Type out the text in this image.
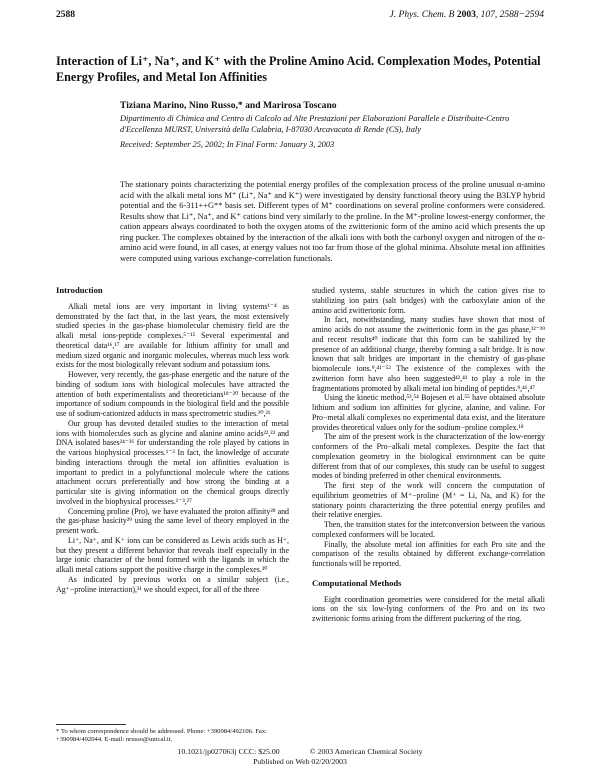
2588	J. Phys. Chem. B 2003, 107, 2588−2594
Interaction of Li⁺, Na⁺, and K⁺ with the Proline Amino Acid. Complexation Modes, Potential Energy Profiles, and Metal Ion Affinities

Tiziana Marino, Nino Russo,* and Marirosa Toscano

Dipartimento di Chimica and Centro di Calcolo ad Alte Prestazioni per Elaborazioni Parallele e Distribuite-Centro d'Eccellenza MURST, Università della Calabria, I-87030 Arcavacata di Rende (CS), Italy

Received: September 25, 2002; In Final Form: January 3, 2003

The stationary points characterizing the potential energy profiles of the complexation process of the proline unusual α-amino acid with the alkali metal ions M⁺ (Li⁺, Na⁺ and K⁺) were investigated by density functional theory using the B3LYP hybrid potential and the 6-311++G** basis set. Different types of M⁺ coordinations on several proline conformers were considered. Results show that Li⁺, Na⁺, and K⁺ cations bind very similarly to the proline. In the M⁺-proline lowest-energy conformer, the cation appears always coordinated to both the oxygen atoms of the zwitterionic form of the amino acid which presents the up ring pucker. The complexes obtained by the interaction of the alkali ions with both the carbonyl oxygen and nitrogen of the α-amino acid were found, in all cases, at energy values not too far from those of the global minima. Absolute metal ion affinities were computed using various exchange-correlation functionals.

Introduction

Alkali metal ions are very important in living systems¹⁻⁴ as demonstrated by the fact that, in the last years, the most extensively studied species in the gas-phase biomolecular chemistry field are the alkali metal ions-peptide complexes.⁵⁻¹⁵ Several experimental and theoretical data¹⁶,¹⁷ are available for lithium affinity for small and medium sized organic and inorganic molecules, whereas much less work exists for the most biologically relevant sodium and potassium ions.

However, very recently, the gas-phase energetic and the nature of the binding of sodium ions with biological molecules have attracted the attention of both experimentalists and theoreticians¹⁸⁻²⁰ because of the importance of sodium compounds in the biological field and the possible use of sodium-cationized adducts in mass spectrometric studies.²⁰,²¹

Our group has devoted detailed studies to the interaction of metal ions with biomolecules such as glycine and alanine amino acids²²,²³ and DNA isolated bases²⁴⁻²⁶ for understanding the role played by cations in the various biophysical processes.¹⁻³ In fact, the knowledge of accurate binding interactions through the metal ion affinities evaluation is important to predict in a polyfunctional molecule where the cations attachment occurs preferentially and how strong the binding at a particular site is giving information on the chemical groups directly involved in the biophysical processes.¹⁻³,²⁷

Concerning proline (Pro), we have evaluated the proton affinity²⁸ and the gas-phase basicity²⁹ using the same level of theory employed in the present work.

Li⁺, Na⁺, and K⁺ ions can be considered as Lewis acids such as H⁺, but they present a different behavior that reveals itself especially in the large ionic character of the bond formed with the ligands in which the alkali metal cations support the positive charge in the complexes.³⁰

As indicated by previous works on a similar subject (i.e., Ag⁺−proline interaction),³¹ we should expect, for all of the three

* To whom correspondence should be addressed. Phone: +390984/492106. Fax: +390984/492044. E-mail: nrusso@unical.it.

studied systems, stable structures in which the cation gives rise to stabilizing ion pairs (salt bridges) with the carboxylate anion of the amino acid zwitterionic form.

In fact, notwithstanding, many studies have shown that most of amino acids do not assume the zwitterionic form in the gas phase,³²⁻³⁹ and recent results⁴⁰ indicate that this form can be stabilized by the presence of an additional charge, thereby forming a salt bridge. It is now known that salt bridges are important in the chemistry of gas-phase biomolecule ions.⁹,⁴¹⁻⁵² The existence of the complexes with the zwitterion form have also been suggested⁴²,⁴³ to play a role in the fragmentations promoted by alkali metal ion binding of peptides.⁹,⁴⁶,⁴⁷

Using the kinetic method,⁵³,⁵⁴ Bojesen et al.⁵⁵ have obtained absolute lithium and sodium ion affinities for glycine, alanine, and valine. For Pro−metal alkali complexes no experimental data exist, and the literature provides theoretical values only for the sodium−proline complex.¹⁸

The aim of the present work is the characterization of the low-energy conformers of the Pro−alkali metal complexes. Despite the fact that complexation geometry in the biological environment can be quite different from that of our complexes, this study can be useful to suggest modes of binding preferred in other chemical environments.

The first step of the work will concern the computation of equilibrium geometries of M⁺−proline (M⁺ = Li, Na, and K) for the stationary points characterizing the three potential energy profiles and their relative energies.

Then, the transition states for the interconversion between the various complexed conformers will be located.

Finally, the absolute metal ion affinities for each Pro site and the comparison of the results obtained by different exchange-correlation functionals will be reported.

Computational Methods

Eight coordination geometries were considered for the metal alkali ions on the six low-lying conformers of the Pro and on its two zwitterionic forms arising from the different puckering of the ring.

10.1021/jp027063j CCC: $25.00	© 2003 American Chemical Society
Published on Web 02/20/2003
